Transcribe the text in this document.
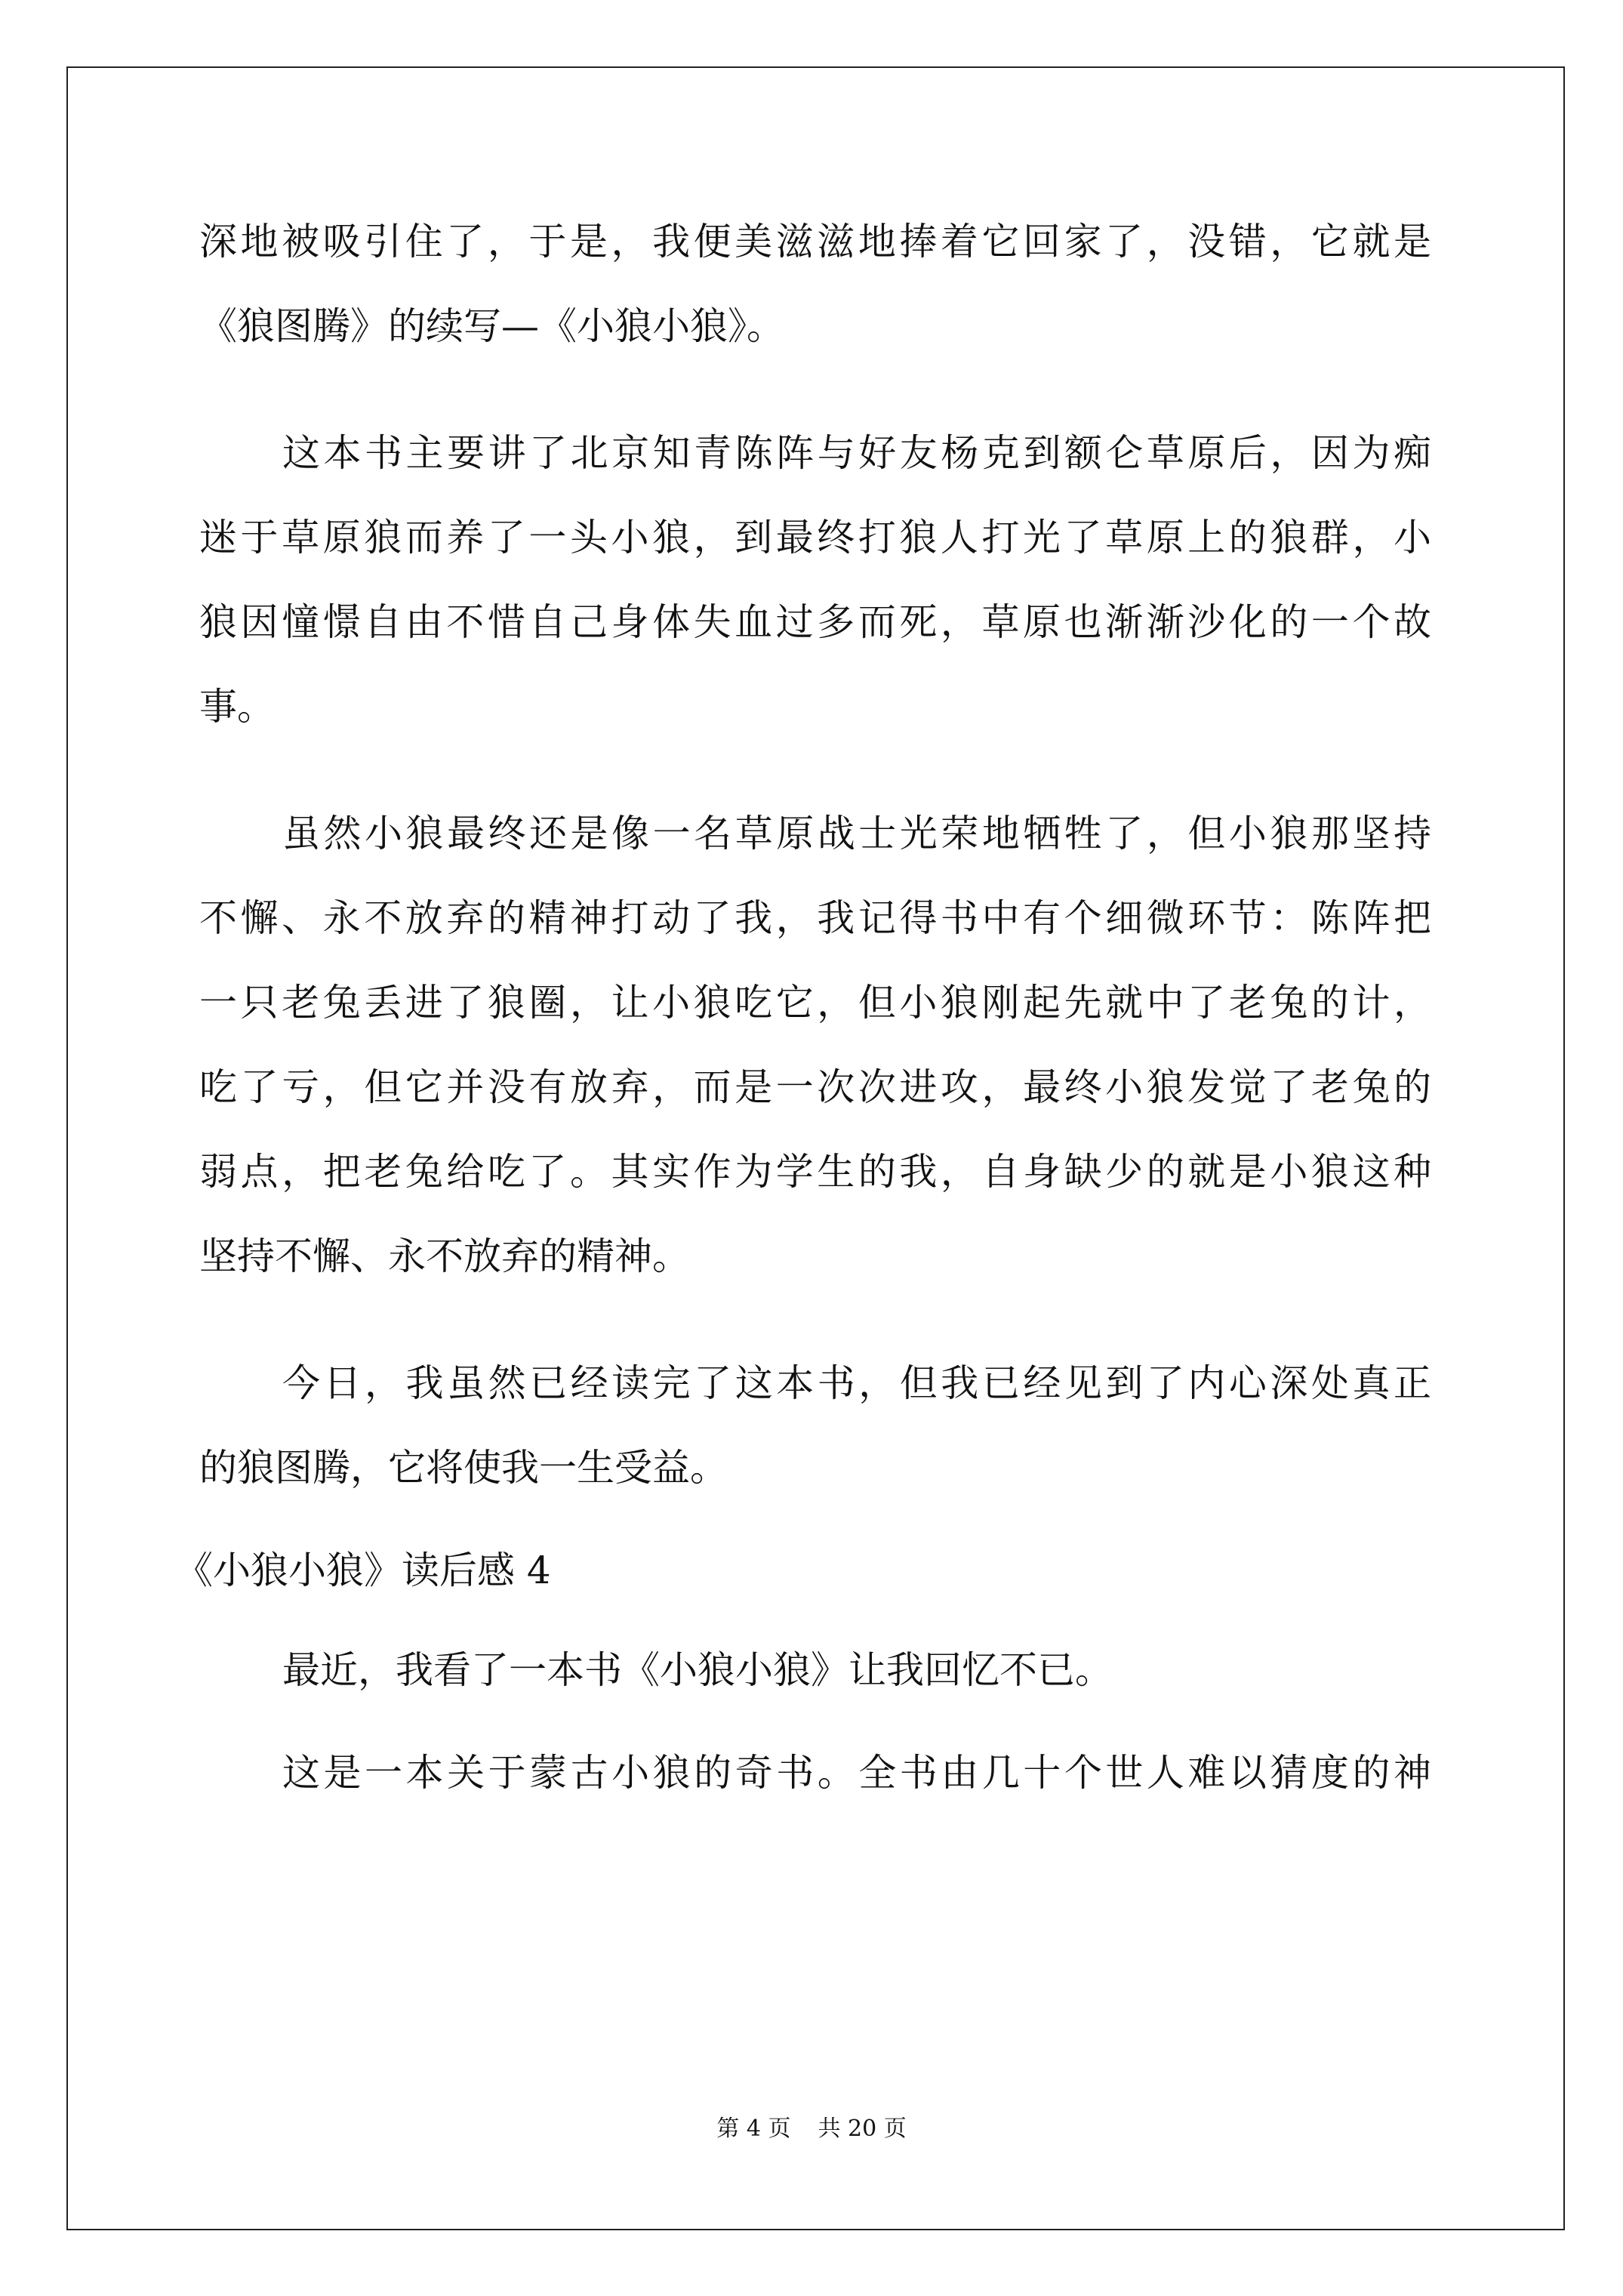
深地被吸引住了，于是，我便美滋滋地捧着它回家了，没错，它就是
《狼图腾》的续写—《小狼小狼》。
这本书主要讲了北京知青陈阵与好友杨克到额仑草原后，因为痴
迷于草原狼而养了一头小狼，到最终打狼人打光了草原上的狼群，小
狼因憧憬自由不惜自己身体失血过多而死，草原也渐渐沙化的一个故
事。
虽然小狼最终还是像一名草原战士光荣地牺牲了，但小狼那坚持
不懈、永不放弃的精神打动了我，我记得书中有个细微环节：陈阵把
一只老兔丢进了狼圈，让小狼吃它，但小狼刚起先就中了老兔的计，
吃了亏，但它并没有放弃，而是一次次进攻，最终小狼发觉了老兔的
弱点，把老兔给吃了。其实作为学生的我，自身缺少的就是小狼这种
坚持不懈、永不放弃的精神。
今日，我虽然已经读完了这本书，但我已经见到了内心深处真正
的狼图腾，它将使我一生受益。
《小狼小狼》读后感 4
最近，我看了一本书《小狼小狼》让我回忆不已。
这是一本关于蒙古小狼的奇书。全书由几十个世人难以猜度的神
第 4 页 共 20 页
